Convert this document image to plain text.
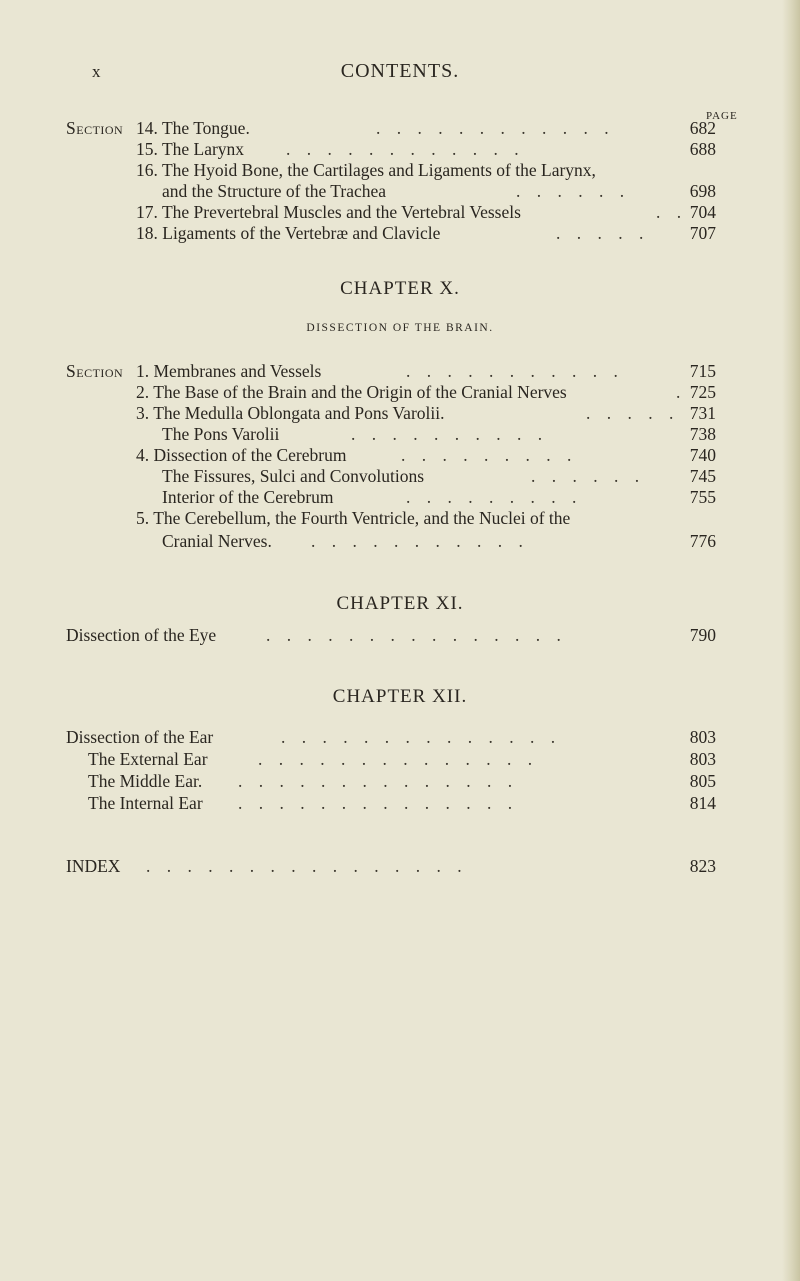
x	CONTENTS.
PAGE
Section 14. The Tongue.	. . . . . . . . . . . .	682
15. The Larynx . . . . . . . . . . . .	688
16. The Hyoid Bone, the Cartilages and Ligaments of the Larynx,
and the Structure of the Trachea	. . . . . .	698
17. The Prevertebral Muscles and the Vertebral Vessels	. . 704
18. Ligaments of the Vertebræ and Clavicle	. . . . . 707
CHAPTER X.
DISSECTION OF THE BRAIN.
Section 1. Membranes and Vessels	. . . . . . . . . . .	715
2. The Base of the Brain and the Origin of the Cranial Nerves	. 725
3. The Medulla Oblongata and Pons Varolii.	. . . . . 731
The Pons Varolii	. . . . . . . . . .	738
4. Dissection of the Cerebrum	. . . . . . . . .	740
The Fissures, Sulci and Convolutions	. . . . . .	745
Interior of the Cerebrum	. . . . . . . . .	755
5. The Cerebellum, the Fourth Ventricle, and the Nuclei of the
Cranial Nerves. . . . . . . . . . . .	776
CHAPTER XI.
Dissection of the Eye	. . . . . . . . . . . . . . .	790
CHAPTER XII.
Dissection of the Ear	. . . . . . . . . . . . . .	803
The External Ear	. . . . . . . . . . . . . .	803
The Middle Ear. . . . . . . . . . . . . . .	805
The Internal Ear . . . . . . . . . . . . . .	814
INDEX . . . . . . . . . . . . . . . .	823
